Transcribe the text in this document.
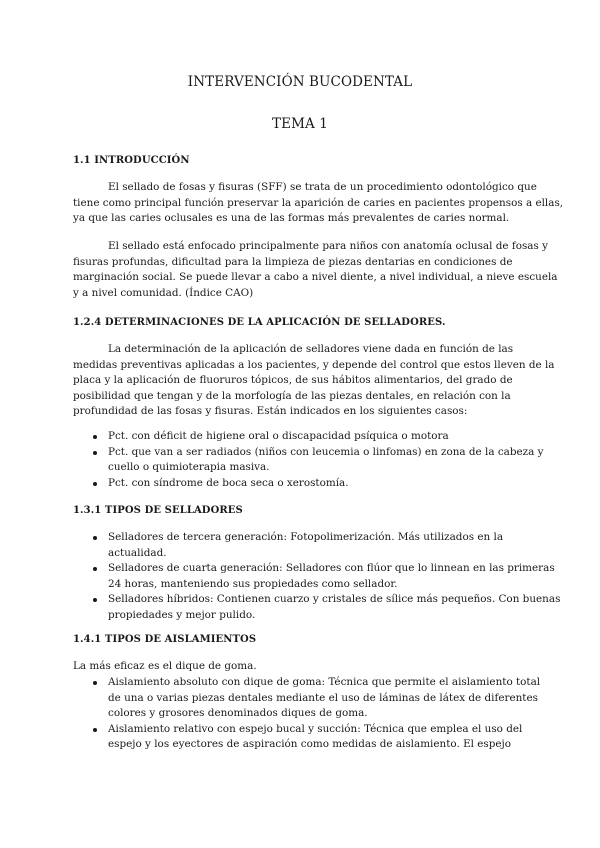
INTERVENCIÓN BUCODENTAL
TEMA 1
1.1 INTRODUCCIÓN
El sellado de fosas y fisuras (SFF) se trata de un procedimiento odontológico que
tiene como principal función preservar la aparición de caries en pacientes propensos a ellas,
ya que las caries oclusales es una de las formas más prevalentes de caries normal.
El sellado está enfocado principalmente para niños con anatomía oclusal de fosas y
fisuras profundas, dificultad para la limpieza de piezas dentarias en condiciones de
marginación social. Se puede llevar a cabo a nivel diente, a nivel individual, a nieve escuela
y a nivel comunidad. (Índice CAO)
1.2.4 DETERMINACIONES DE LA APLICACIÓN DE SELLADORES.
La determinación de la aplicación de selladores viene dada en función de las
medidas preventivas aplicadas a los pacientes, y depende del control que estos lleven de la
placa y la aplicación de fluoruros tópicos, de sus hábitos alimentarios, del grado de
posibilidad que tengan y de la morfología de las piezas dentales, en relación con la
profundidad de las fosas y fisuras. Están indicados en los siguientes casos:
Pct. con déficit de higiene oral o discapacidad psíquica o motora
Pct. que van a ser radiados (niños con leucemia o linfomas) en zona de la cabeza y
cuello o quimioterapia masiva.
Pct. con síndrome de boca seca o xerostomía.
1.3.1 TIPOS DE SELLADORES
Selladores de tercera generación: Fotopolimerización. Más utilizados en la
actualidad.
Selladores de cuarta generación: Selladores con flúor que lo linnean en las primeras
24 horas, manteniendo sus propiedades como sellador.
Selladores híbridos: Contienen cuarzo y cristales de sílice más pequeños. Con buenas
propiedades y mejor pulido.
1.4.1 TIPOS DE AISLAMIENTOS
La más eficaz es el dique de goma.
Aislamiento absoluto con dique de goma: Técnica que permite el aislamiento total
de una o varias piezas dentales mediante el uso de láminas de látex de diferentes
colores y grosores denominados diques de goma.
Aislamiento relativo con espejo bucal y succión: Técnica que emplea el uso del
espejo y los eyectores de aspiración como medidas de aislamiento. El espejo
